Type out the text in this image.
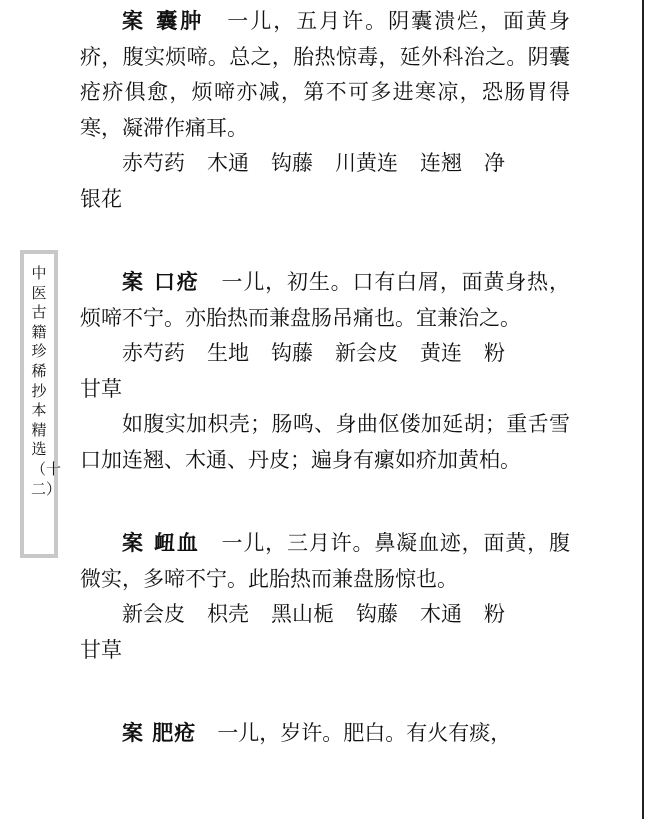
中医古籍珍稀抄本精选（十二）

案 囊肿　 一儿，五月许。阴囊溃烂，面黄身疥，腹实烦啼。总之，胎热惊毒，延外科治之。阴囊疮疥俱愈，烦啼亦减，第不可多进寒凉，恐肠胃得寒，凝滞作痛耳。

赤芍药 木通 钩藤 川黄连 连翘 净

银花

案 口疮　 一儿，初生。口有白屑，面黄身热，烦啼不宁。亦胎热而兼盘肠吊痛也。宜兼治之。

赤芍药 生地 钩藤 新会皮 黄连 粉

甘草

如腹实加枳壳；肠鸣、身曲伛偻加延胡；重舌雪口加连翘、木通、丹皮；遍身有瘰如疥加黄柏。

案 衄血　 一儿，三月许。鼻凝血迹，面黄，腹微实，多啼不宁。此胎热而兼盘肠惊也。

新会皮 枳壳 黑山栀 钩藤 木通 粉

甘草

案 肥疮　 一儿，岁许。肥白。有火有痰，
